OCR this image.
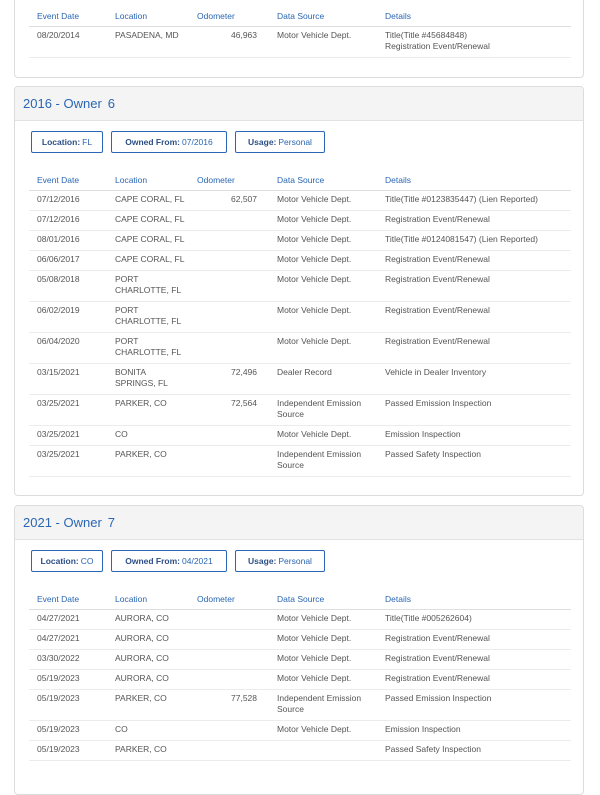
Event Date	Location	Odometer	Data Source	Details
08/20/2014	PASADENA, MD	46,963	Motor Vehicle Dept.	Title(Title #45684848)
Registration Event/Renewal
2016
- Owner 6
Location: FL	Owned From: 07/2016	Usage: Personal
Event Date	Location	Odometer	Data Source	Details
07/12/2016	CAPE CORAL, FL	62,507	Motor Vehicle Dept.	Title(Title #0123835447) (Lien Reported)
07/12/2016	CAPE CORAL, FL		Motor Vehicle Dept.	Registration Event/Renewal
08/01/2016	CAPE CORAL, FL		Motor Vehicle Dept.	Title(Title #0124081547) (Lien Reported)
06/06/2017	CAPE CORAL, FL		Motor Vehicle Dept.	Registration Event/Renewal
05/08/2018	PORT
CHARLOTTE, FL		Motor Vehicle Dept.	Registration Event/Renewal
06/02/2019	PORT
CHARLOTTE, FL		Motor Vehicle Dept.	Registration Event/Renewal
06/04/2020	PORT
CHARLOTTE, FL		Motor Vehicle Dept.	Registration Event/Renewal
03/15/2021	BONITA
SPRINGS, FL	72,496	Dealer Record	Vehicle in Dealer Inventory
03/25/2021	PARKER, CO	72,564	Independent Emission
Source	Passed Emission Inspection
03/25/2021	CO		Motor Vehicle Dept.	Emission Inspection
03/25/2021	PARKER, CO		Independent Emission
Source	Passed Safety Inspection
2021
- Owner 7
Location: CO	Owned From: 04/2021	Usage: Personal
Event Date	Location	Odometer	Data Source	Details
04/27/2021	AURORA, CO		Motor Vehicle Dept.	Title(Title #005262604)
04/27/2021	AURORA, CO		Motor Vehicle Dept.	Registration Event/Renewal
03/30/2022	AURORA, CO		Motor Vehicle Dept.	Registration Event/Renewal
05/19/2023	AURORA, CO		Motor Vehicle Dept.	Registration Event/Renewal
05/19/2023	PARKER, CO	77,528	Independent Emission
Source	Passed Emission Inspection
05/19/2023	CO		Motor Vehicle Dept.	Emission Inspection
05/19/2023	PARKER, CO			Passed Safety Inspection
